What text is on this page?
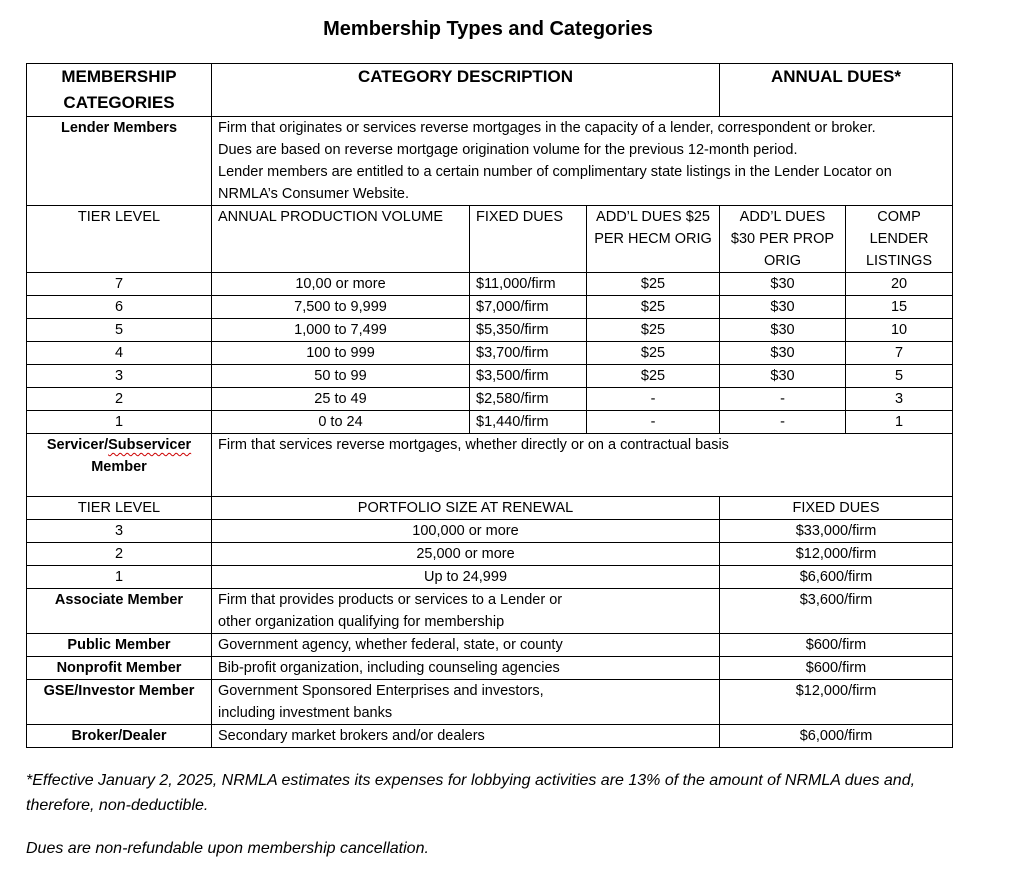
Membership Types and Categories
MEMBERSHIP CATEGORIES	CATEGORY DESCRIPTION			ANNUAL DUES*	
Lender Members	Firm that originates or services reverse mortgages in the capacity of a lender, correspondent or broker.
Dues are based on reverse mortgage origination volume for the previous 12-month period.
Lender members are entitled to a certain number of complimentary state listings in the Lender Locator on NRMLA’s Consumer Website.				

TIER LEVEL	ANNUAL PRODUCTION VOLUME	FIXED DUES	ADD’L DUES $25 PER HECM ORIG	ADD’L DUES $30 PER PROP ORIG	COMP LENDER LISTINGS
7	10,00 or more	$11,000/firm	$25	$30	20
6	7,500 to 9,999	$7,000/firm	$25	$30	15
5	1,000 to 7,499	$5,350/firm	$25	$30	10
4	100 to 999	$3,700/firm	$25	$30	7
3	50 to 99	$3,500/firm	$25	$30	5
2	25 to 49	$2,580/firm	-	-	3
1	0 to 24	$1,440/firm	-	-	1
Servicer/Subservicer
Member	Firm that services reverse mortgages, whether directly or on a contractual basis				
TIER LEVEL	PORTFOLIO SIZE AT RENEWAL			FIXED DUES	
3	100,000 or more			$33,000/firm	
2	25,000 or more			$12,000/firm	
1	Up to 24,999			$6,600/firm	
Associate Member	Firm that provides products or services to a Lender or
other organization qualifying for membership			$3,600/firm	
Public Member	Government agency, whether federal, state, or county			$600/firm	
Nonprofit Member	Bib-profit organization, including counseling agencies			$600/firm	
GSE/Investor Member	Government Sponsored Enterprises and investors,
including investment banks			$12,000/firm	
Broker/Dealer	Secondary market brokers and/or dealers			$6,000/firm	
*Effective January 2, 2025, NRMLA estimates its expenses for lobbying activities are 13% of the amount of NRMLA dues and, therefore, non-deductible.
Dues are non-refundable upon membership cancellation.
